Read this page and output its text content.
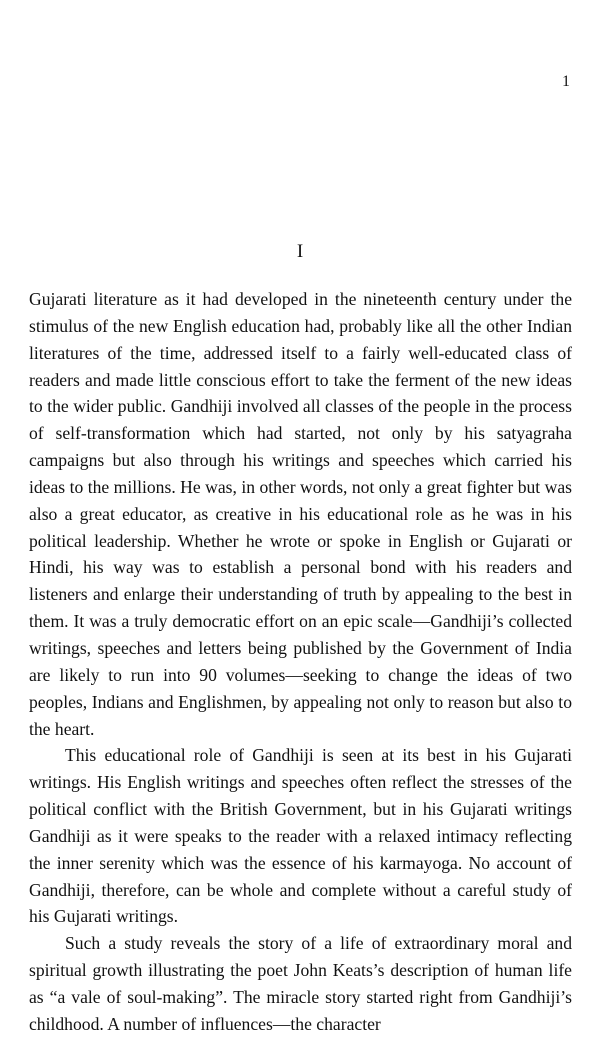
1
I

Gujarati literature as it had developed in the nineteenth century under the stimulus of the new English education had, probably like all the other Indian literatures of the time, addressed itself to a fairly well-educated class of readers and made little conscious effort to take the ferment of the new ideas to the wider public. Gandhiji involved all classes of the people in the process of self-transformation which had started, not only by his satyagraha campaigns but also through his writings and speeches which carried his ideas to the millions. He was, in other words, not only a great fighter but was also a great educator, as creative in his educational role as he was in his political leadership. Whether he wrote or spoke in English or Gujarati or Hindi, his way was to establish a personal bond with his readers and listeners and enlarge their understanding of truth by appealing to the best in them. It was a truly democratic effort on an epic scale—Gandhiji’s collected writings, speeches and letters being published by the Government of India are likely to run into 90 volumes—seeking to change the ideas of two peoples, Indians and Englishmen, by appealing not only to reason but also to the heart.

This educational role of Gandhiji is seen at its best in his Gujarati writings. His English writings and speeches often reflect the stresses of the political conflict with the British Government, but in his Gujarati writings Gandhiji as it were speaks to the reader with a relaxed intimacy reflecting the inner serenity which was the essence of his karmayoga. No account of Gandhiji, therefore, can be whole and complete without a careful study of his Gujarati writings.

Such a study reveals the story of a life of extraordinary moral and spiritual growth illustrating the poet John Keats’s description of human life as “a vale of soul-making”. The miracle story started right from Gandhiji’s childhood. A number of influences—the character
